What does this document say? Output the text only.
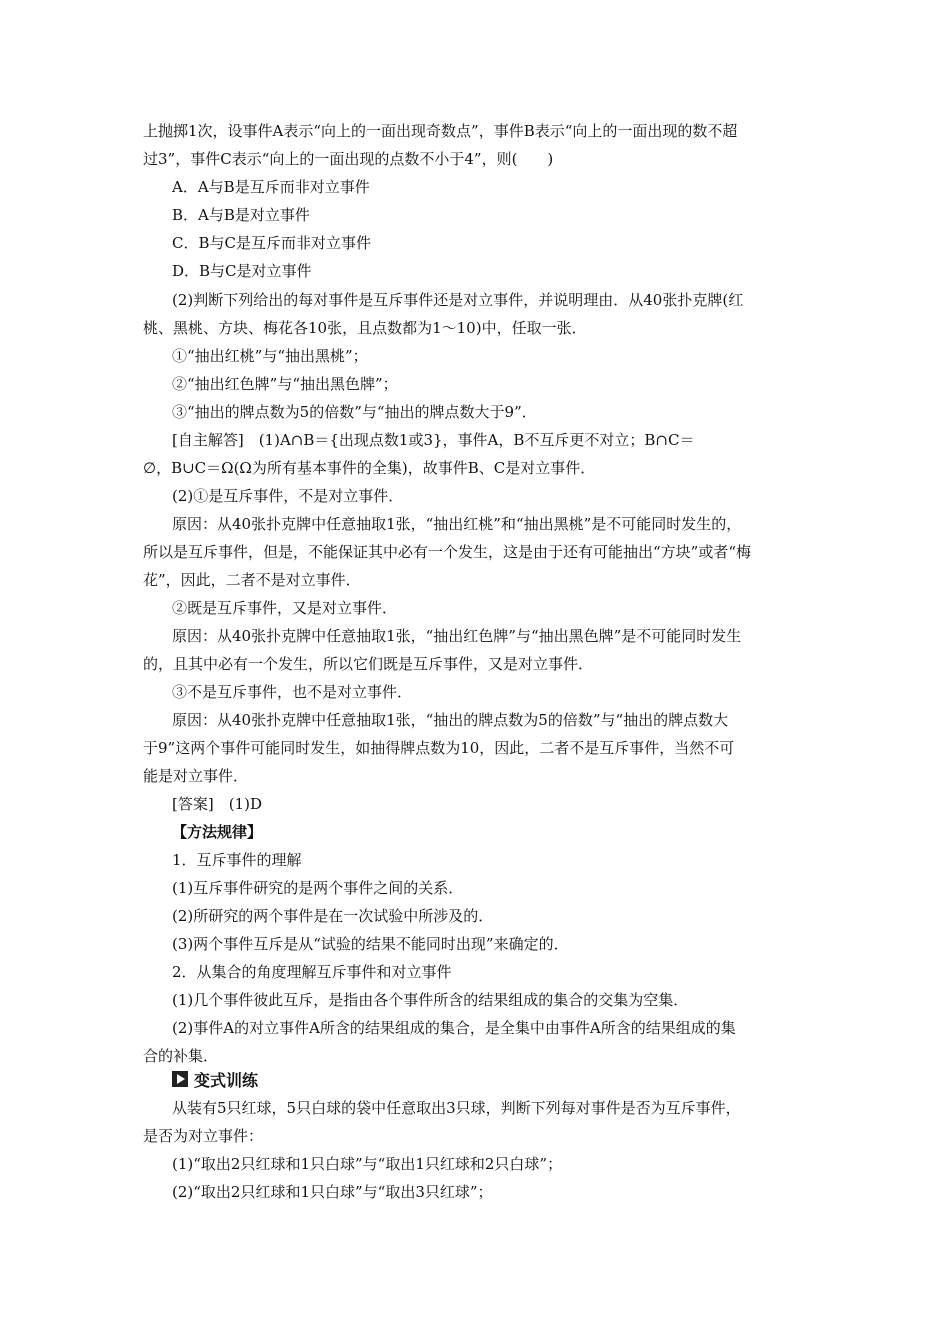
上抛掷1次，设事件A表示“向上的一面出现奇数点”，事件B表示“向上的一面出现的数不超
过3”，事件C表示“向上的一面出现的点数不小于4”，则(　　)
A．A与B是互斥而非对立事件
B．A与B是对立事件
C．B与C是互斥而非对立事件
D．B与C是对立事件
(2)判断下列给出的每对事件是互斥事件还是对立事件，并说明理由．从40张扑克牌(红
桃、黑桃、方块、梅花各10张，且点数都为1～10)中，任取一张．
①“抽出红桃”与“抽出黑桃”；
②“抽出红色牌”与“抽出黑色牌”；
③“抽出的牌点数为5的倍数”与“抽出的牌点数大于9”．
[自主解答]　(1)A∩B＝{出现点数1或3}，事件A，B不互斥更不对立；B∩C＝
∅，B∪C＝Ω(Ω为所有基本事件的全集)，故事件B、C是对立事件．
(2)①是互斥事件，不是对立事件．
原因：从40张扑克牌中任意抽取1张，“抽出红桃”和“抽出黑桃”是不可能同时发生的，
所以是互斥事件，但是，不能保证其中必有一个发生，这是由于还有可能抽出“方块”或者“梅
花”，因此，二者不是对立事件．
②既是互斥事件，又是对立事件．
原因：从40张扑克牌中任意抽取1张，“抽出红色牌”与“抽出黑色牌”是不可能同时发生
的，且其中必有一个发生，所以它们既是互斥事件，又是对立事件．
③不是互斥事件，也不是对立事件．
原因：从40张扑克牌中任意抽取1张，“抽出的牌点数为5的倍数”与“抽出的牌点数大
于9”这两个事件可能同时发生，如抽得牌点数为10，因此，二者不是互斥事件，当然不可
能是对立事件．
[答案]　(1)D
【方法规律】
1．互斥事件的理解
(1)互斥事件研究的是两个事件之间的关系．
(2)所研究的两个事件是在一次试验中所涉及的．
(3)两个事件互斥是从“试验的结果不能同时出现”来确定的．
2．从集合的角度理解互斥事件和对立事件
(1)几个事件彼此互斥，是指由各个事件所含的结果组成的集合的交集为空集．
(2)事件A的对立事件A所含的结果组成的集合，是全集中由事件A所含的结果组成的集
合的补集．
变式训练
从装有5只红球，5只白球的袋中任意取出3只球，判断下列每对事件是否为互斥事件，
是否为对立事件：
(1)“取出2只红球和1只白球”与“取出1只红球和2只白球”；
(2)“取出2只红球和1只白球”与“取出3只红球”；
